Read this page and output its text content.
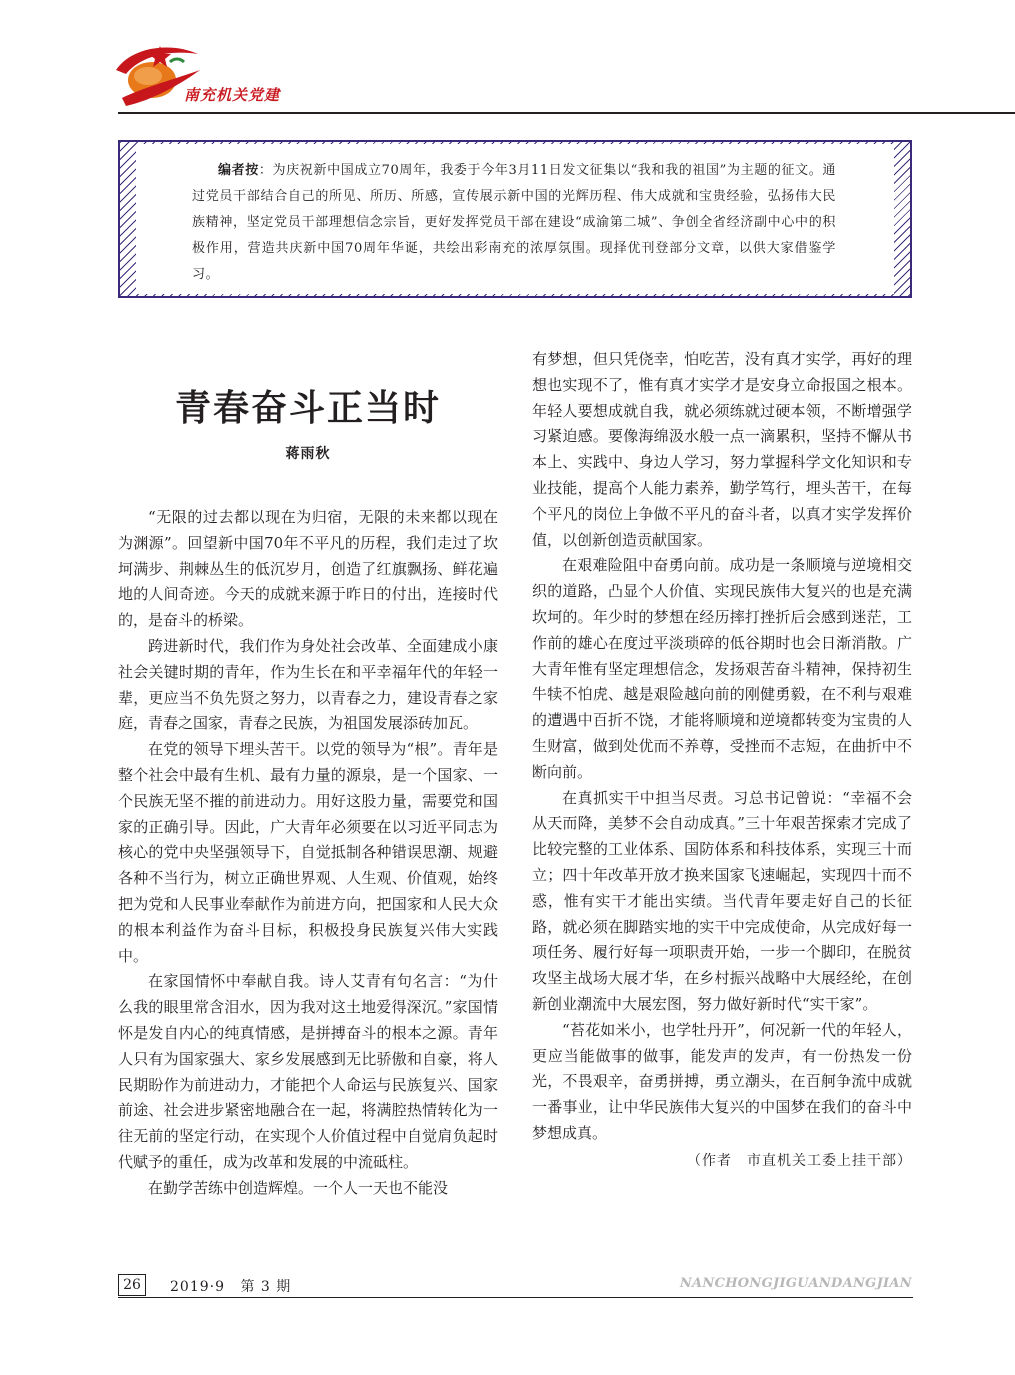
南充机关党建

编者按：为庆祝新中国成立70周年，我委于今年3月11日发文征集以“我和我的祖国”为主题的征文。通过党员干部结合自己的所见、所历、所感，宣传展示新中国的光辉历程、伟大成就和宝贵经验，弘扬伟大民族精神，坚定党员干部理想信念宗旨，更好发挥党员干部在建设“成渝第二城”、争创全省经济副中心中的积极作用，营造共庆新中国70周年华诞，共绘出彩南充的浓厚氛围。现择优刊登部分文章，以供大家借鉴学习。

青春奋斗正当时
蒋雨秋

“无限的过去都以现在为归宿，无限的未来都以现在为渊源”。回望新中国70年不平凡的历程，我们走过了坎坷满步、荆棘丛生的低沉岁月，创造了红旗飘扬、鲜花遍地的人间奇迹。今天的成就来源于昨日的付出，连接时代的，是奋斗的桥梁。

跨进新时代，我们作为身处社会改革、全面建成小康社会关键时期的青年，作为生长在和平幸福年代的年轻一辈，更应当不负先贤之努力，以青春之力，建设青春之家庭，青春之国家，青春之民族，为祖国发展添砖加瓦。

在党的领导下埋头苦干。以党的领导为“根”。青年是整个社会中最有生机、最有力量的源泉，是一个国家、一个民族无坚不摧的前进动力。用好这股力量，需要党和国家的正确引导。因此，广大青年必须要在以习近平同志为核心的党中央坚强领导下，自觉抵制各种错误思潮、规避各种不当行为，树立正确世界观、人生观、价值观，始终把为党和人民事业奉献作为前进方向，把国家和人民大众的根本利益作为奋斗目标，积极投身民族复兴伟大实践中。

在家国情怀中奉献自我。诗人艾青有句名言：“为什么我的眼里常含泪水，因为我对这土地爱得深沉。”家国情怀是发自内心的纯真情感，是拼搏奋斗的根本之源。青年人只有为国家强大、家乡发展感到无比骄傲和自豪，将人民期盼作为前进动力，才能把个人命运与民族复兴、国家前途、社会进步紧密地融合在一起，将满腔热情转化为一往无前的坚定行动，在实现个人价值过程中自觉肩负起时代赋予的重任，成为改革和发展的中流砥柱。

在勤学苦练中创造辉煌。一个人一天也不能没

有梦想，但只凭侥幸，怕吃苦，没有真才实学，再好的理想也实现不了，惟有真才实学才是安身立命报国之根本。年轻人要想成就自我，就必须练就过硬本领，不断增强学习紧迫感。要像海绵汲水般一点一滴累积，坚持不懈从书本上、实践中、身边人学习，努力掌握科学文化知识和专业技能，提高个人能力素养，勤学笃行，埋头苦干，在每个平凡的岗位上争做不平凡的奋斗者，以真才实学发挥价值，以创新创造贡献国家。

在艰难险阻中奋勇向前。成功是一条顺境与逆境相交织的道路，凸显个人价值、实现民族伟大复兴的也是充满坎坷的。年少时的梦想在经历摔打挫折后会感到迷茫，工作前的雄心在度过平淡琐碎的低谷期时也会日渐消散。广大青年惟有坚定理想信念，发扬艰苦奋斗精神，保持初生牛犊不怕虎、越是艰险越向前的刚健勇毅，在不利与艰难的遭遇中百折不饶，才能将顺境和逆境都转变为宝贵的人生财富，做到处优而不养尊，受挫而不志短，在曲折中不断向前。

在真抓实干中担当尽责。习总书记曾说：“幸福不会从天而降，美梦不会自动成真。”三十年艰苦探索才完成了比较完整的工业体系、国防体系和科技体系，实现三十而立；四十年改革开放才换来国家飞速崛起，实现四十而不惑，惟有实干才能出实绩。当代青年要走好自己的长征路，就必须在脚踏实地的实干中完成使命，从完成好每一项任务、履行好每一项职责开始，一步一个脚印，在脱贫攻坚主战场大展才华，在乡村振兴战略中大展经纶，在创新创业潮流中大展宏图，努力做好新时代“实干家”。

“苔花如米小，也学牡丹开”，何况新一代的年轻人，更应当能做事的做事，能发声的发声，有一份热发一份光，不畏艰辛，奋勇拼搏，勇立潮头，在百舸争流中成就一番事业，让中华民族伟大复兴的中国梦在我们的奋斗中梦想成真。

（作者　市直机关工委上挂干部）

26	2019·9 第 3 期	NANCHONGJIGUANDANGJIAN
